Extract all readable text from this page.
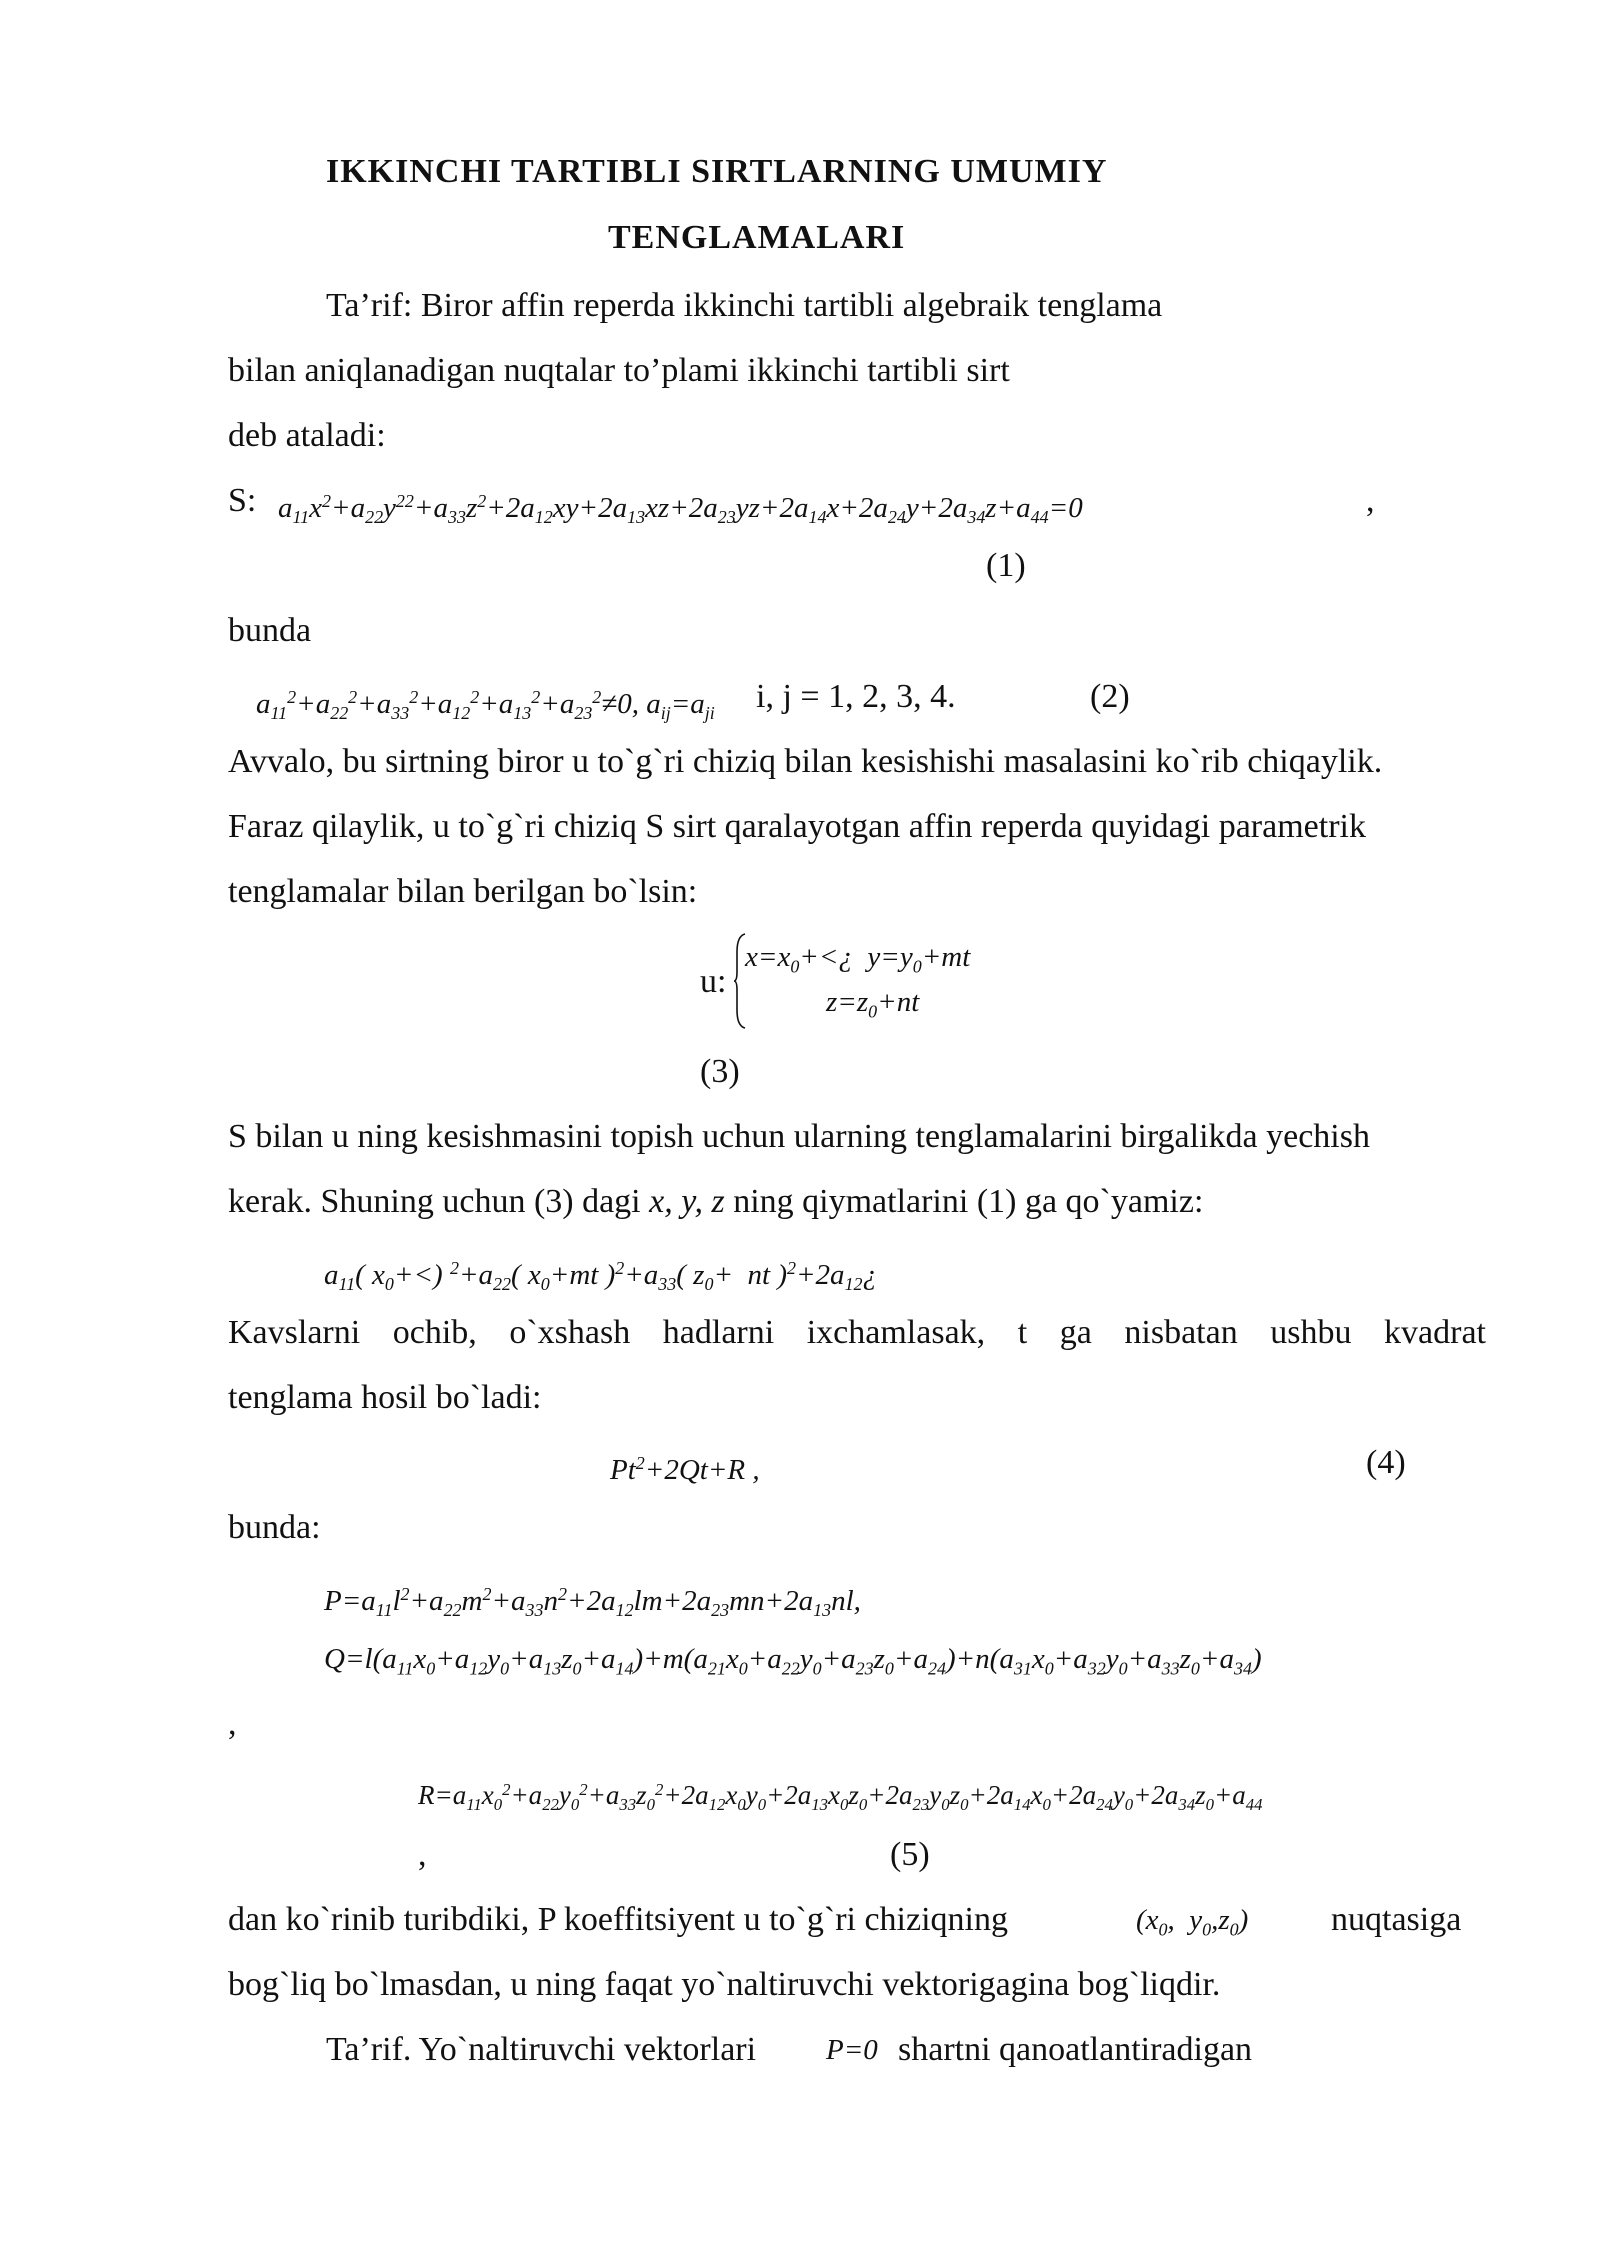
IKKINCHI TARTIBLI SIRTLARNING UMUMIY
TENGLAMALARI
Ta’rif: Biror affin reperda ikkinchi tartibli algebraik tenglama
bilan aniqlanadigan nuqtalar to’plami ikkinchi tartibli sirt
deb ataladi:
S: $a_{11}x^2+a_{22}y^{22}+a_{33}z^2+2a_{12}xy+2a_{13}xz+2a_{23}yz+2a_{14}x+2a_{24}y+2a_{34}z+a_{44}=0$	,
(1)
bunda
$a_{11}^2+a_{22}^2+a_{33}^2+a_{12}^2+a_{13}^2+a_{23}^2\ne 0$, $a_{ij}=a_{ji}$ i, j = 1, 2, 3, 4.	(2)
Avvalo, bu sirtning biror u to`g`ri chiziq bilan kesishishi masalasini ko`rib chiqaylik.
Faraz qilaylik, u to`g`ri chiziq S sirt qaralayotgan affin reperda quyidagi parametrik
tenglamalar bilan berilgan bo`lsin:
u:
$x=x_0+<¿$  $y=y_0+mt$
$z=z_0+nt$
(3)
S bilan u ning kesishmasini topish uchun ularning tenglamalarini birgalikda yechish
kerak. Shuning uchun (3) dagi x, y, z ning qiymatlarini (1) ga qo`yamiz:
$a_{11}$( $x_0+<$) $^2+a_{22}$( $x_0+mt$ )$^2+a_{33}$( $z_0+$  nt )$^2+2a_{12}¿$
Kavslarni ochib, o`xshash hadlarni ixchamlasak, t ga nisbatan ushbu kvadrat
tenglama hosil bo`ladi:
$Pt^2+2Qt+R$ ,	(4)
bunda:
$P=a_{11}l^2+a_{22}m^2+a_{33}n^2+2a_{12}lm+2a_{23}mn+2a_{13}nl$,
$Q=l(a_{11}x_0+a_{12}y_0+a_{13}z_0+a_{14})+m(a_{21}x_0+a_{22}y_0+a_{23}z_0+a_{24})+n(a_{31}x_0+a_{32}y_0+a_{33}z_0+a_{34})$
,
$R=a_{11}x_0^2+a_{22}y_0^2+a_{33}z_0^2+2a_{12}x_0y_0+2a_{13}x_0z_0+2a_{23}y_0z_0+2a_{14}x_0+2a_{24}y_0+2a_{34}z_0+a_{44}$
,	(5)
dan ko`rinib turibdiki, P koeffitsiyent u to`g`ri chiziqning	($x_0$,  $y_0,z_0$) nuqtasiga
bog`liq bo`lmasdan, u ning faqat yo`naltiruvchi vektorigagina bog`liqdir.
Ta’rif. Yo`naltiruvchi vektorlari P=0 shartni qanoatlantiradigan
